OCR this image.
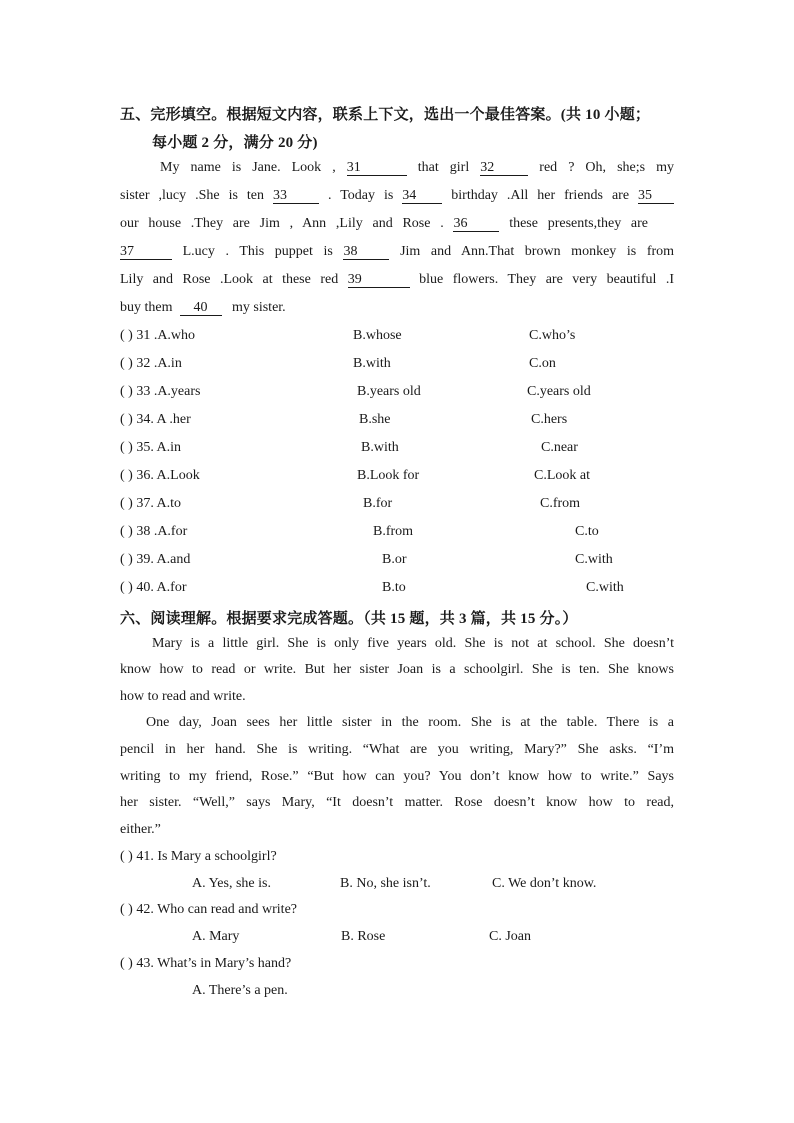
五、完形填空。根据短文内容，联系上下文，选出一个最佳答案。(共 10 小题；
每小题 2 分，满分 20 分)
My name is Jane. Look , 31	that girl 32	red ? Oh, she;s my
sister ,lucy .She is ten 33	. Today is 34 birthday .All her friends are 35
our house .They are Jim , Ann ,Lily and Rose . 36	these presents,they are
37	L.ucy . This puppet is 38	Jim and Ann.That brown monkey is from
Lily and Rose .Look at these red 39	blue flowers. They are very beautiful .I
buy them 40 my sister.
( ) 31 .A.who	B.whose	C.who’s
( ) 32 .A.in	B.with	C.on
( ) 33 .A.years	B.years old	C.years old
( ) 34. A .her	B.she	C.hers
( ) 35. A.in	B.with	C.near
( ) 36. A.Look	B.Look for	C.Look at
( ) 37. A.to	B.for	C.from
( ) 38 .A.for	B.from	C.to
( ) 39. A.and	B.or	C.with
( ) 40. A.for	B.to	C.with
六、阅读理解。根据要求完成答题。（共 15 题，共 3 篇，共 15 分。）
Mary is a little girl. She is only five years old. She is not at school. She doesn’t
know how to read or write. But her sister Joan is a schoolgirl. She is ten. She knows
how to read and write.
One day, Joan sees her little sister in the room. She is at the table. There is a
pencil in her hand. She is writing. “What are you writing, Mary?” She asks. “I’m
writing to my friend, Rose.” “But how can you? You don’t know how to write.” Says
her sister. “Well,” says Mary, “It doesn’t matter. Rose doesn’t know how to read,
either.”
( ) 41. Is Mary a schoolgirl?
A. Yes, she is.	B. No, she isn’t.	C. We don’t know.
( ) 42. Who can read and write?
A. Mary	B. Rose	C. Joan
( ) 43. What’s in Mary’s hand?
A. There’s a pen.
